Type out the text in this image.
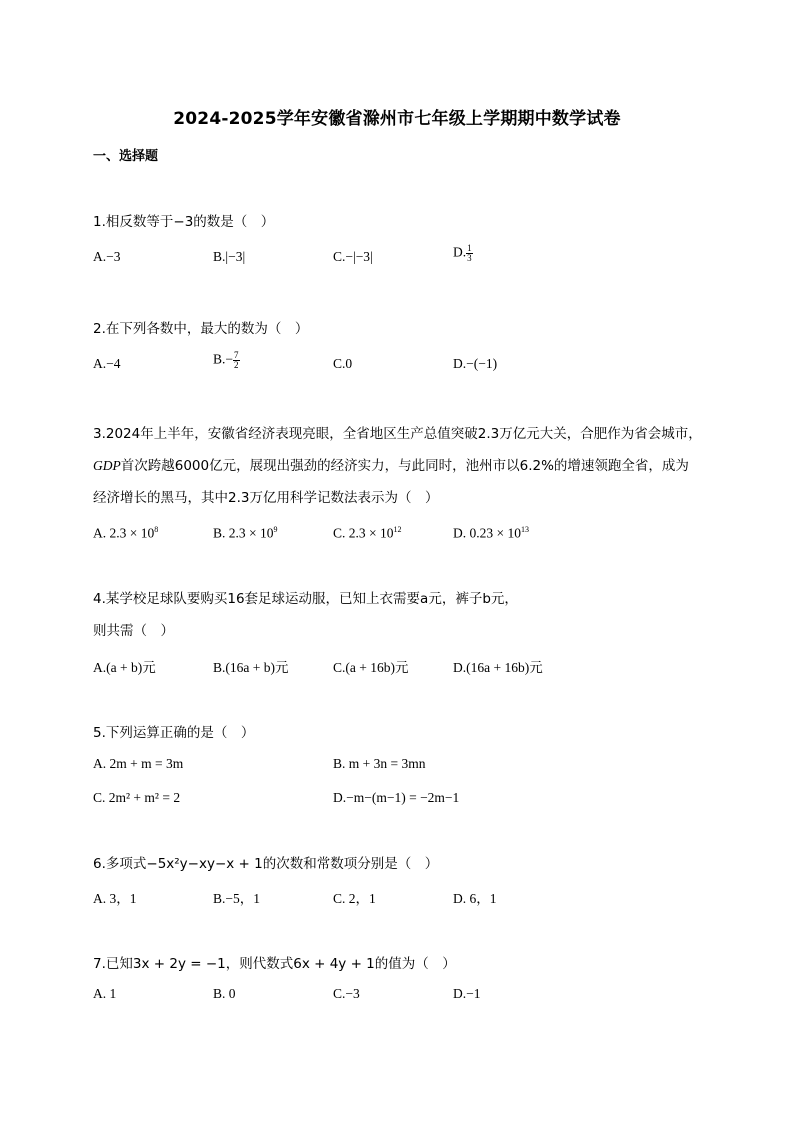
2024-2025学年安徽省滁州市七年级上学期期中数学试卷
一、选择题
1.相反数等于−3的数是（　）
A.−3	B.|−3|	C.−|−3|	D. $\frac{1}{3}$
2.在下列各数中，最大的数为（　）
A.−4	$B.- \frac{7}{2}$	C.0	D.−(−1)
3.2024年上半年，安徽省经济表现亮眼，全省地区生产总值突破2.3万亿元大关，合肥作为省会城市，
GDP首次跨越6000亿元，展现出强劲的经济实力，与此同时，池州市以6.2%的增速领跑全省，成为
经济增长的黑马，其中2.3万亿用科学记数法表示为（　）
A. $2.3 \times 10^8$	B. $2.3 \times 10^9$	C. $2.3 \times 10^{12}$	D. $0.23 \times 10^{13}$
4.某学校足球队要购买16套足球运动服，已知上衣需要a元，裤子b元，
则共需（　）
A.(a + b)元	B.(16a + b)元	C.(a + 16b)元	D.(16a + 16b)元
5.下列运算正确的是（　）
A. 2m + m = 3m	B. m + 3n = 3mn
C. 2m² + m² = 2	D.−m−(m−1) = −2m−1
6.多项式−5x²y−xy−x + 1的次数和常数项分别是（　）
A. 3，1	B.−5，1	C. 2，1	D. 6，1
7.已知3x + 2y = −1，则代数式6x + 4y + 1的值为（　）
A. 1	B. 0	C.−3	D.−1
